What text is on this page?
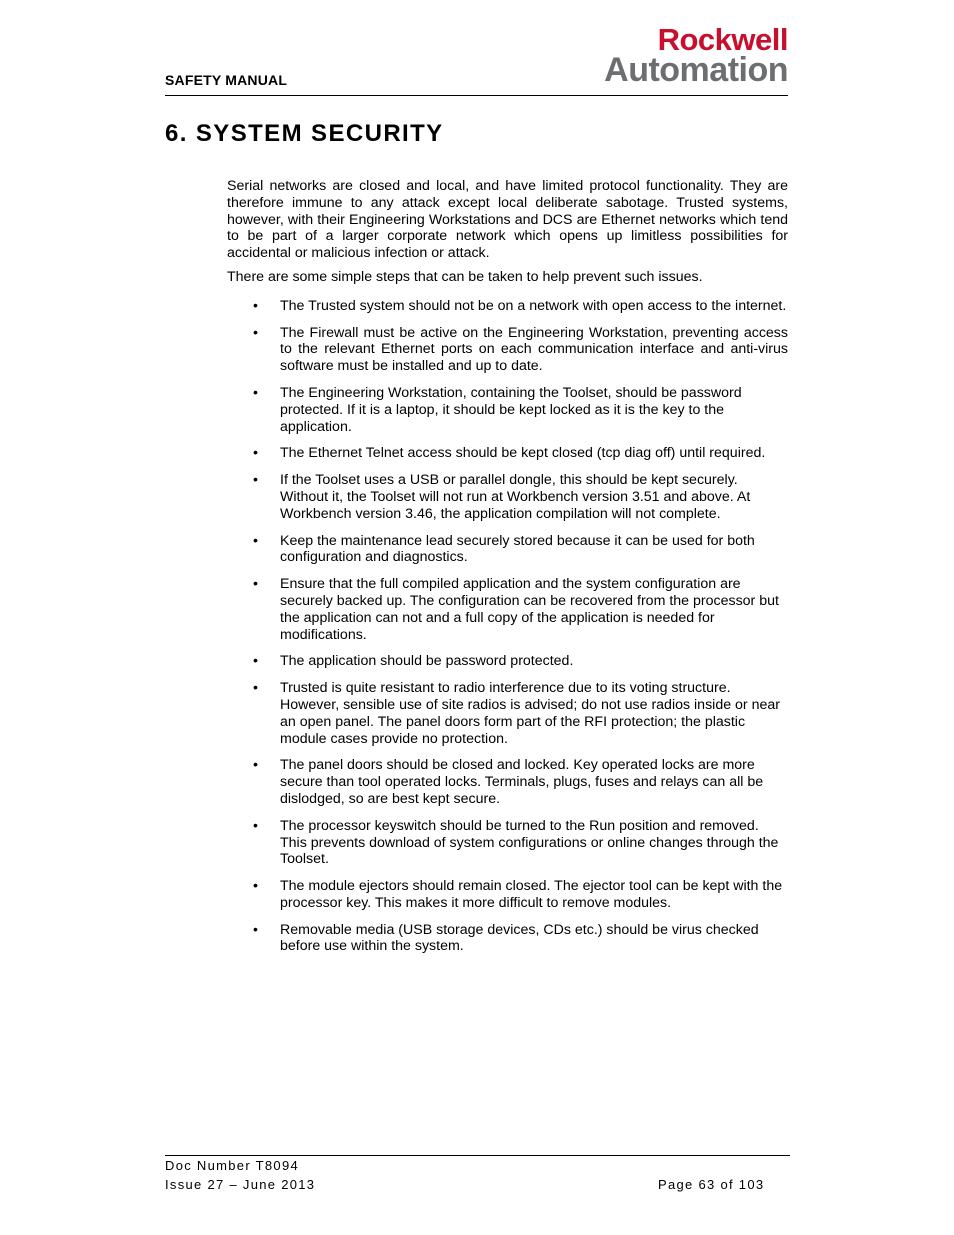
SAFETY MANUAL
Rockwell
Automation
6. SYSTEM SECURITY

Serial networks are closed and local, and have limited protocol functionality. They are therefore immune to any attack except local deliberate sabotage. Trusted systems, however, with their Engineering Workstations and DCS are Ethernet networks which tend to be part of a larger corporate network which opens up limitless possibilities for accidental or malicious infection or attack.

There are some simple steps that can be taken to help prevent such issues.

• The Trusted system should not be on a network with open access to the internet.
• The Firewall must be active on the Engineering Workstation, preventing access to the relevant Ethernet ports on each communication interface and anti-virus software must be installed and up to date.
• The Engineering Workstation, containing the Toolset, should be password protected. If it is a laptop, it should be kept locked as it is the key to the application.
• The Ethernet Telnet access should be kept closed (tcp diag off) until required.
• If the Toolset uses a USB or parallel dongle, this should be kept securely. Without it, the Toolset will not run at Workbench version 3.51 and above. At Workbench version 3.46, the application compilation will not complete.
• Keep the maintenance lead securely stored because it can be used for both configuration and diagnostics.
• Ensure that the full compiled application and the system configuration are securely backed up. The configuration can be recovered from the processor but the application can not and a full copy of the application is needed for modifications.
• The application should be password protected.
• Trusted is quite resistant to radio interference due to its voting structure. However, sensible use of site radios is advised; do not use radios inside or near an open panel. The panel doors form part of the RFI protection; the plastic module cases provide no protection.
• The panel doors should be closed and locked. Key operated locks are more secure than tool operated locks. Terminals, plugs, fuses and relays can all be dislodged, so are best kept secure.
• The processor keyswitch should be turned to the Run position and removed. This prevents download of system configurations or online changes through the Toolset.
• The module ejectors should remain closed. The ejector tool can be kept with the processor key. This makes it more difficult to remove modules.
• Removable media (USB storage devices, CDs etc.) should be virus checked before use within the system.
Doc Number T8094
Issue 27 – June 2013	Page 63 of 103
